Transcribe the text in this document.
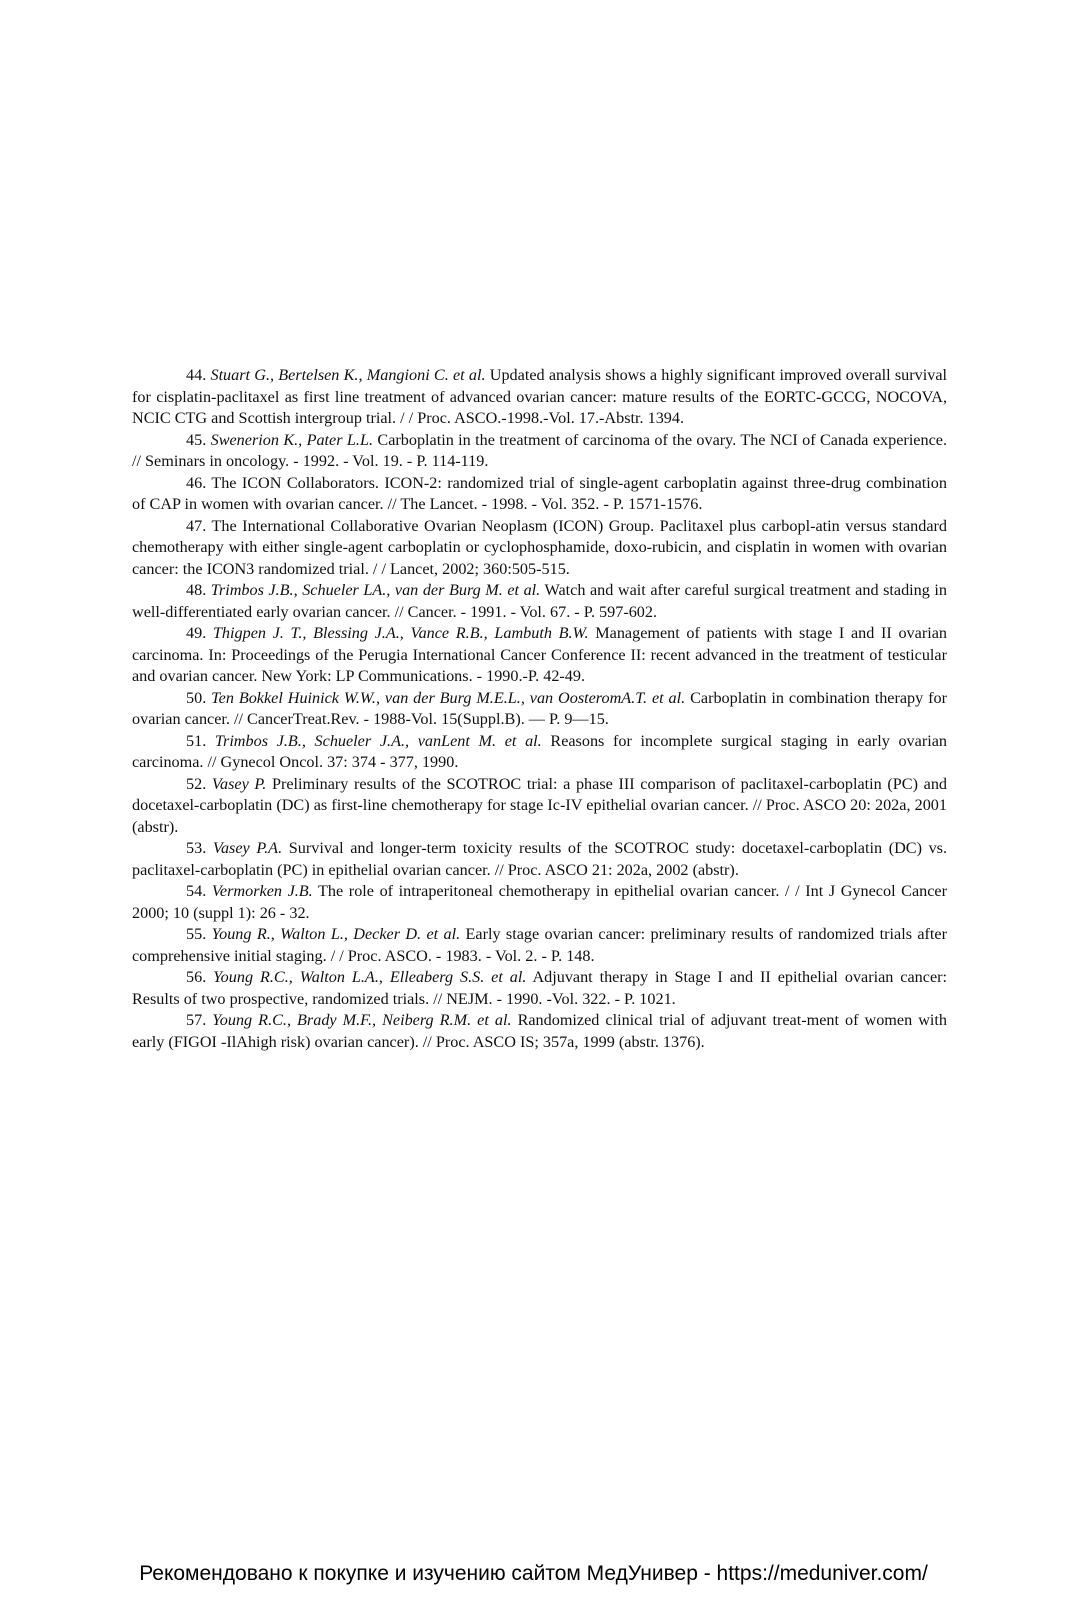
44. Stuart G., Bertelsen K., Mangioni C. et al. Updated analysis shows a highly significant improved overall survival for cisplatin-paclitaxel as first line treatment of advanced ovarian cancer: mature results of the EORTC-GCCG, NOCOVA, NCIC CTG and Scottish intergroup trial. / / Proc. ASCO.-1998.-Vol. 17.-Abstr. 1394.

45. Swenerion K., Pater L.L. Carboplatin in the treatment of carcinoma of the ovary. The NCI of Canada experience. // Seminars in oncology. - 1992. - Vol. 19. - P. 114-119.

46. The ICON Collaborators. ICON-2: randomized trial of single-agent carboplatin against three-drug combination of CAP in women with ovarian cancer. // The Lancet. - 1998. - Vol. 352. - P. 1571-1576.

47. The International Collaborative Ovarian Neoplasm (ICON) Group. Paclitaxel plus carbopl-atin versus standard chemotherapy with either single-agent carboplatin or cyclophosphamide, doxo-rubicin, and cisplatin in women with ovarian cancer: the ICON3 randomized trial. / / Lancet, 2002; 360:505-515.

48. Trimbos J.B., Schueler LA., van der Burg M. et al. Watch and wait after careful surgical treatment and stading in well-differentiated early ovarian cancer. // Cancer. - 1991. - Vol. 67. - P. 597-602.

49. Thigpen J. T., Blessing J.A., Vance R.B., Lambuth B.W. Management of patients with stage I and II ovarian carcinoma. In: Proceedings of the Perugia International Cancer Conference II: recent advanced in the treatment of testicular and ovarian cancer. New York: LP Communications. - 1990.-P. 42-49.

50. Ten Bokkel Huinick W.W., van der Burg M.E.L., van OosteromA.T. et al. Carboplatin in combination therapy for ovarian cancer. // CancerTreat.Rev. - 1988-Vol. 15(Suppl.B). — P. 9—15.

51. Trimbos J.B., Schueler J.A., vanLent M. et al. Reasons for incomplete surgical staging in early ovarian carcinoma. // Gynecol Oncol. 37: 374 - 377, 1990.

52. Vasey P. Preliminary results of the SCOTROC trial: a phase III comparison of paclitaxel-carboplatin (PC) and docetaxel-carboplatin (DC) as first-line chemotherapy for stage Ic-IV epithelial ovarian cancer. // Proc. ASCO 20: 202a, 2001 (abstr).

53. Vasey P.A. Survival and longer-term toxicity results of the SCOTROC study: docetaxel-carboplatin (DC) vs. paclitaxel-carboplatin (PC) in epithelial ovarian cancer. // Proc. ASCO 21: 202a, 2002 (abstr).

54. Vermorken J.B. The role of intraperitoneal chemotherapy in epithelial ovarian cancer. / / Int J Gynecol Cancer 2000; 10 (suppl 1): 26 - 32.

55. Young R., Walton L., Decker D. et al. Early stage ovarian cancer: preliminary results of randomized trials after comprehensive initial staging. / / Proc. ASCO. - 1983. - Vol. 2. - P. 148.

56. Young R.C., Walton L.A., Elleaberg S.S. et al. Adjuvant therapy in Stage I and II epithelial ovarian cancer: Results of two prospective, randomized trials. // NEJM. - 1990. -Vol. 322. - P. 1021.

57. Young R.C., Brady M.F., Neiberg R.M. et al. Randomized clinical trial of adjuvant treat-ment of women with early (FIGOI -IlAhigh risk) ovarian cancer). // Proc. ASCO IS; 357a, 1999 (abstr. 1376).

Рекомендовано к покупке и изучению сайтом МедУнивер - https://meduniver.com/
